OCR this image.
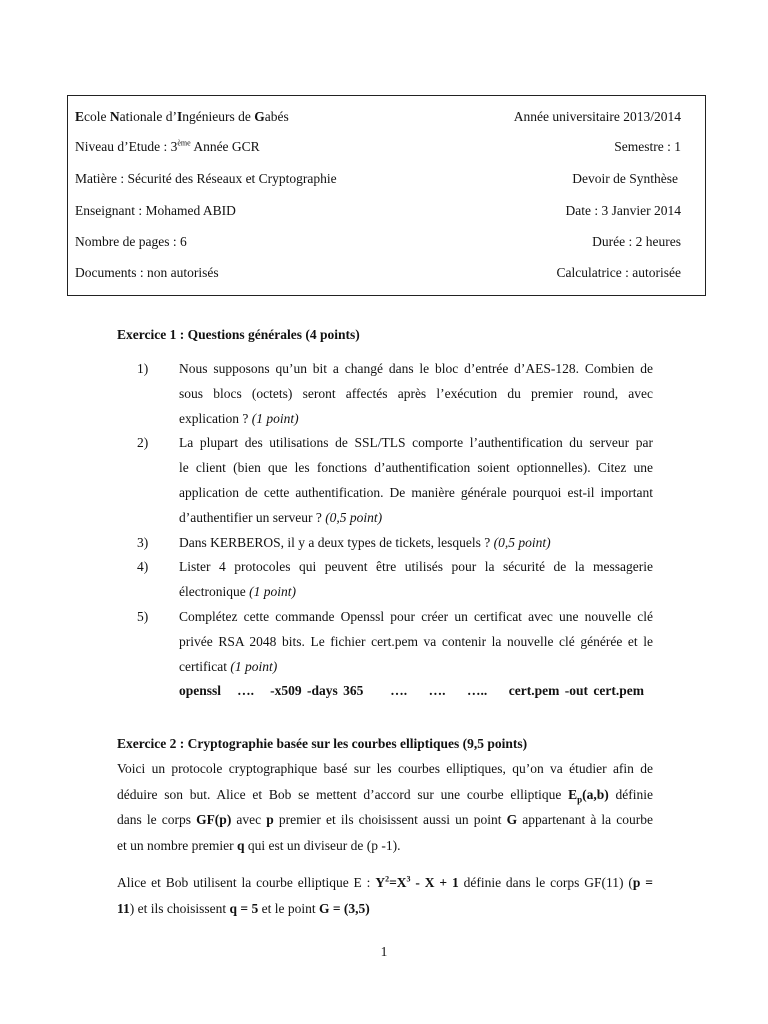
Ecole Nationale d’Ingénieurs de Gabés	Année universitaire 2013/2014
Niveau d’Etude : 3ème Année GCR	Semestre : 1
Matière : Sécurité des Réseaux et Cryptographie	Devoir de Synthèse
Enseignant : Mohamed ABID	Date : 3 Janvier 2014
Nombre de pages : 6	Durée : 2 heures
Documents : non autorisés	Calculatrice : autorisée
Exercice 1 : Questions générales (4 points)
1) Nous supposons qu’un bit a changé dans le bloc d’entrée d’AES-128. Combien de
sous blocs (octets) seront affectés après l’exécution du premier round, avec
explication ? (1 point)
2) La plupart des utilisations de SSL/TLS comporte l’authentification du serveur par
le client (bien que les fonctions d’authentification soient optionnelles). Citez une
application de cette authentification. De manière générale pourquoi est-il important
d’authentifier un serveur ? (0,5 point)
3) Dans KERBEROS, il y a deux types de tickets, lesquels ? (0,5 point)
4) Lister 4 protocoles qui peuvent être utilisés pour la sécurité de la messagerie
électronique (1 point)
5) Complétez cette commande Openssl pour créer un certificat avec une nouvelle clé
privée RSA 2048 bits. Le fichier cert.pem va contenir la nouvelle clé générée et le
certificat (1 point)
openssl …. -x509 -days 365 …. …. ….. cert.pem -out cert.pem
Exercice 2 : Cryptographie basée sur les courbes elliptiques (9,5 points)
Voici un protocole cryptographique basé sur les courbes elliptiques, qu’on va étudier afin de
déduire son but. Alice et Bob se mettent d’accord sur une courbe elliptique $E_p(a,b)$ définie
dans le corps GF(p) avec p premier et ils choisissent aussi un point G appartenant à la courbe
et un nombre premier q qui est un diviseur de (p -1).
Alice et Bob utilisent la courbe elliptique E : $Y^2=X^3 - X + 1$ définie dans le corps GF(11) (p =
11) et ils choisissent q = 5 et le point G = (3,5)
1
